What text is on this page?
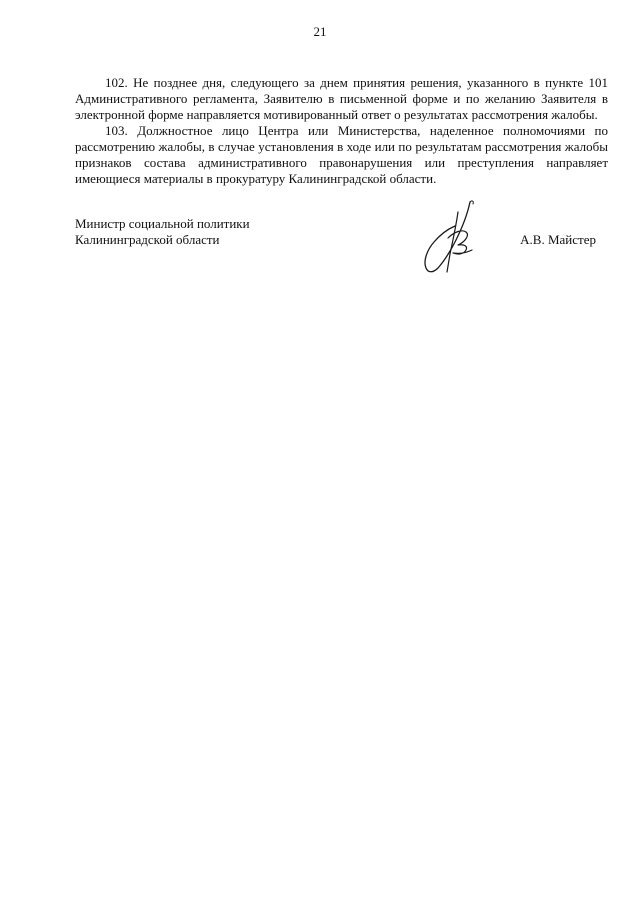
21

102. Не позднее дня, следующего за днем принятия решения, указанного в пункте 101 Административного регламента, Заявителю в письменной форме и по желанию Заявителя в электронной форме направляется мотивированный ответ о результатах рассмотрения жалобы.

103. Должностное лицо Центра или Министерства, наделенное полномочиями по рассмотрению жалобы, в случае установления в ходе или по результатам рассмотрения жалобы признаков состава административного правонарушения или преступления направляет имеющиеся материалы в прокуратуру Калининградской области.

Министр социальной политики
Калининградской области	А.В. Майстер
